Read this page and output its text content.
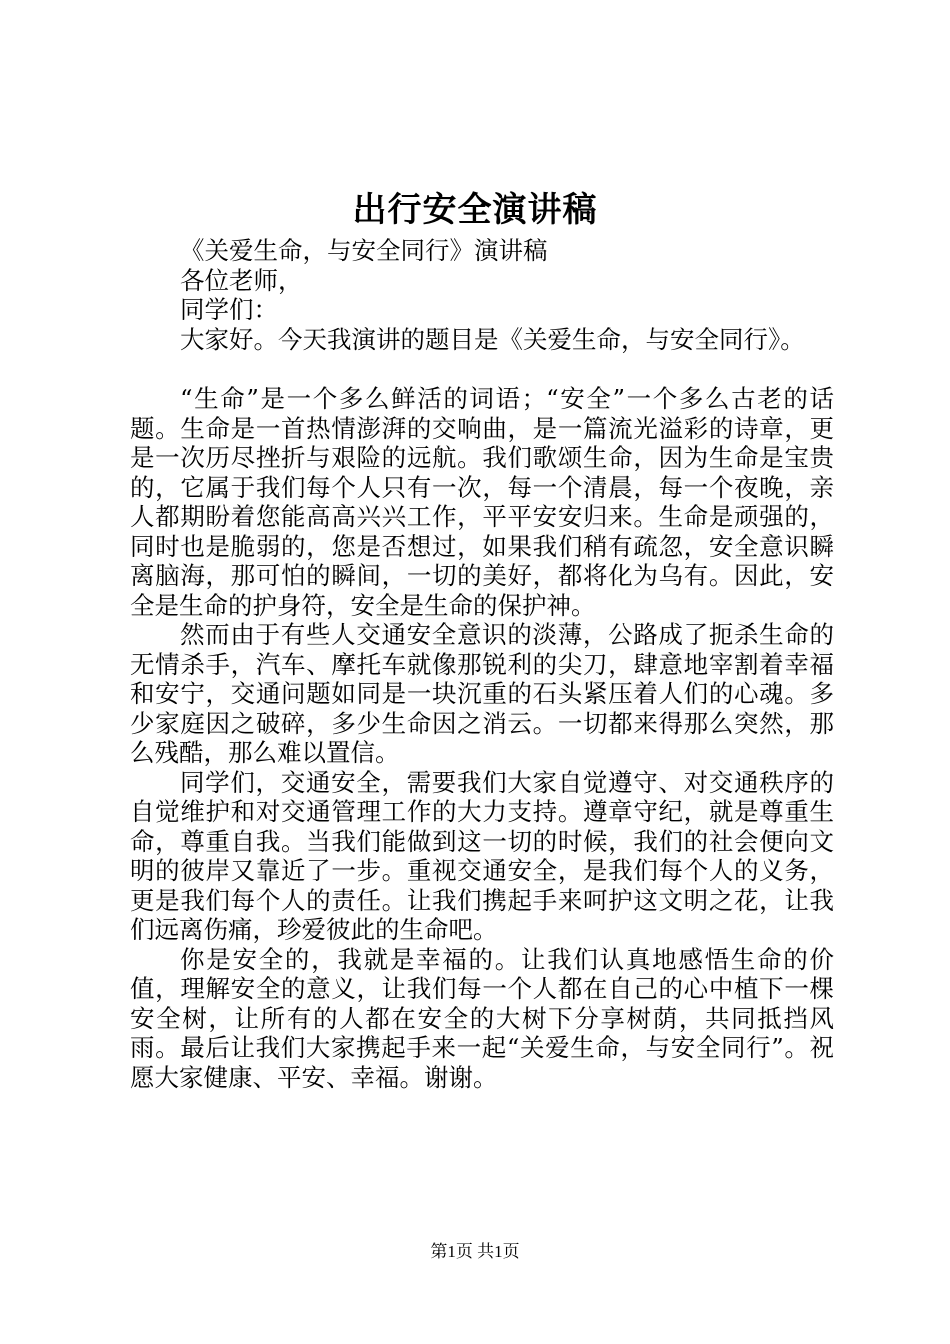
出行安全演讲稿
《关爱生命，与安全同行》演讲稿
各位老师，
同学们：
大家好。今天我演讲的题目是《关爱生命，与安全同行》。
“生命”是一个多么鲜活的词语；“安全”一个多么古老的话题。生命是一首热情澎湃的交响曲，是一篇流光溢彩的诗章，更是一次历尽挫折与艰险的远航。我们歌颂生命，因为生命是宝贵的，它属于我们每个人只有一次，每一个清晨，每一个夜晚，亲人都期盼着您能高高兴兴工作，平平安安归来。生命是顽强的，同时也是脆弱的，您是否想过，如果我们稍有疏忽，安全意识瞬离脑海，那可怕的瞬间，一切的美好，都将化为乌有。因此，安全是生命的护身符，安全是生命的保护神。
然而由于有些人交通安全意识的淡薄，公路成了扼杀生命的无情杀手，汽车、摩托车就像那锐利的尖刀，肆意地宰割着幸福和安宁，交通问题如同是一块沉重的石头紧压着人们的心魂。多少家庭因之破碎，多少生命因之消云。一切都来得那么突然，那么残酷，那么难以置信。
同学们，交通安全，需要我们大家自觉遵守、对交通秩序的自觉维护和对交通管理工作的大力支持。遵章守纪，就是尊重生命，尊重自我。当我们能做到这一切的时候，我们的社会便向文明的彼岸又靠近了一步。重视交通安全，是我们每个人的义务，更是我们每个人的责任。让我们携起手来呵护这文明之花，让我们远离伤痛，珍爱彼此的生命吧。
你是安全的，我就是幸福的。让我们认真地感悟生命的价值，理解安全的意义，让我们每一个人都在自己的心中植下一棵安全树，让所有的人都在安全的大树下分享树荫，共同抵挡风雨。最后让我们大家携起手来一起“关爱生命，与安全同行”。祝愿大家健康、平安、幸福。谢谢。
第1页 共1页
